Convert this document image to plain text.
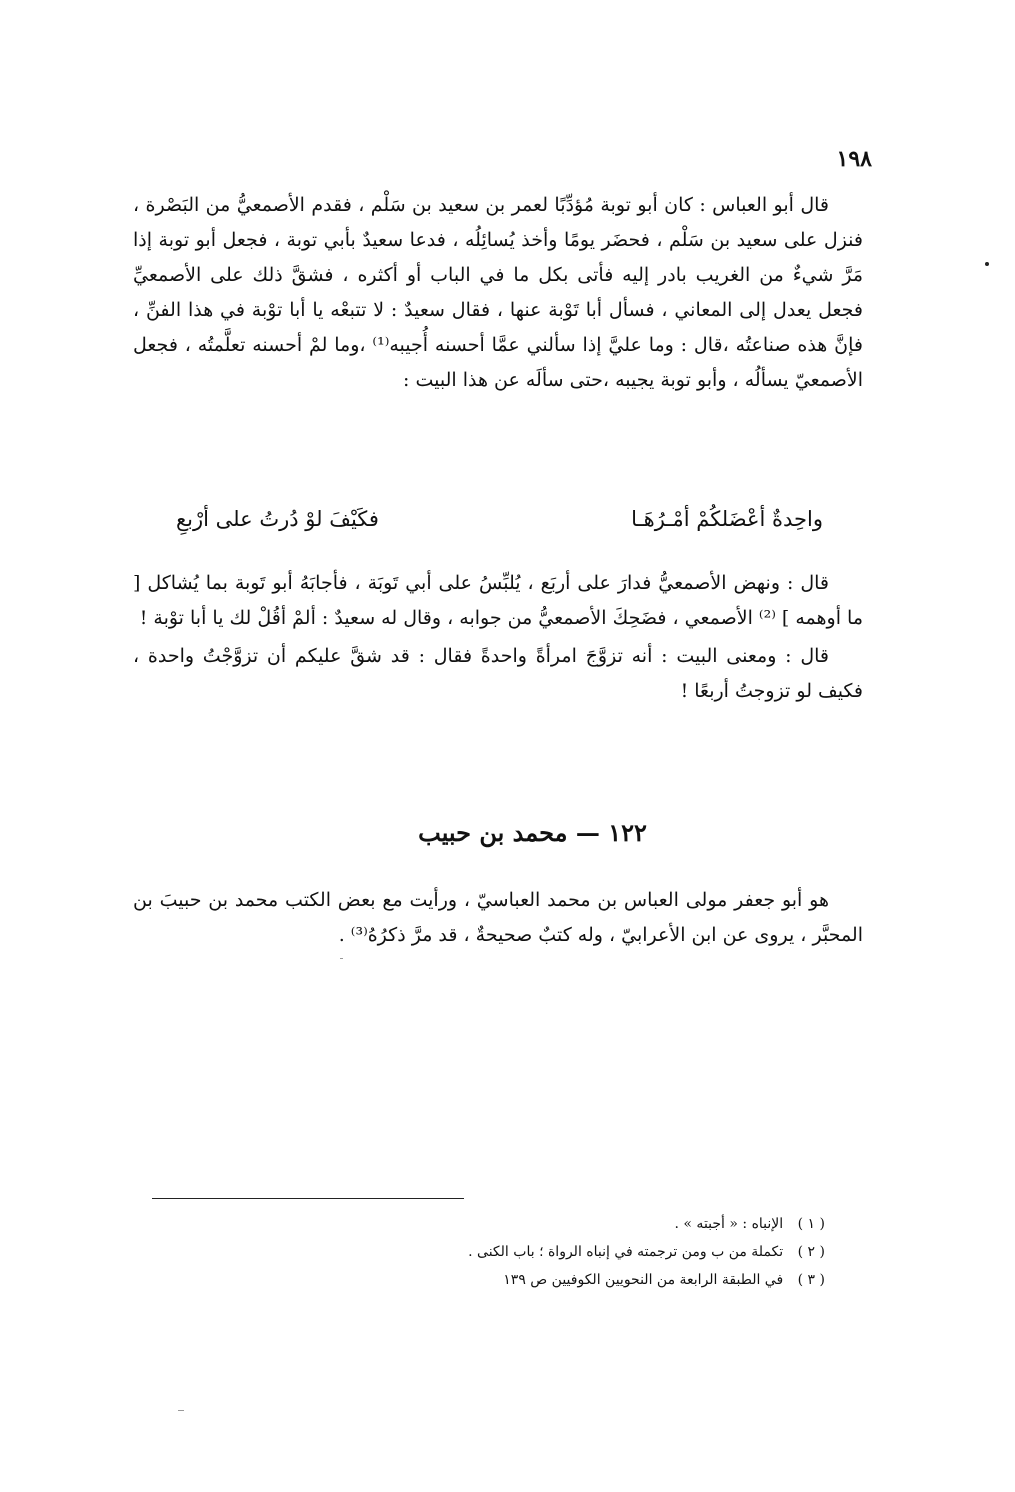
١٩٨

قال أبو العباس : كان أبو توبة مُؤدِّبًا لعمر بن سعيد بن سَلْم ، فقدم الأصمعيُّ من البَصْرة ، فنزل على سعيد بن سَلْم ، فحضَر يومًا وأخذ يُسائِلُه ، فدعا سعيدٌ بأبي توبة ، فجعل أبو توبة إذا مَرَّ شيءٌ من الغريب بادر إليه فأتى بكل ما في الباب أو أكثره ، فشقَّ ذلك على الأصمعيِّ فجعل يعدل إلى المعاني ، فسأل أبا تَوْبة عنها ، فقال سعيدٌ : لا تتبعْه يا أبا توْبة في هذا الفنِّ ، فإنَّ هذه صناعتُه ،قال : وما عليَّ إذا سألني عمَّا أحسنه أُجيبه⁽¹⁾ ،وما لمْ أحسنه تعلَّمتُه ، فجعل الأصمعيّ يسألُه ، وأبو توبة يجيبه ،حتى سألَه عن هذا البيت :

واحِدةٌ أعْضَلكُمْ أمْـرُهَـا
فكَيْفَ لوْ دُرتُ على أرْبعِ

قال : ونهض الأصمعيُّ فدارَ على أربَع ، يُلبِّسُ على أبي تَوبَة ، فأجابَهُ أبو تَوبة بما يُشاكل [ ما أوهمه ] ⁽²⁾ الأصمعي ، فضَحِكَ الأصمعيُّ من جوابه ، وقال له سعيدٌ : ألمْ أقُلْ لك يا أبا توْبة !

قال : ومعنى البيت : أنه تزوَّجَ امرأةً واحدةً فقال : قد شقَّ عليكم أن تزوَّجْتُ واحدة ، فكيف لو تزوجتُ أربعًا !

١٢٢ — محمد بن حبيب

هو أبو جعفر مولى العباس بن محمد العباسيّ ، ورأيت مع بعض الكتب محمد بن حبيبَ بن المحبَّر ، يروى عن ابن الأعرابيّ ، وله كتبٌ صحيحةٌ ، قد مرَّ ذكرُهُ⁽³⁾ .

( ١ ) الإنباه : « أجبته » .

( ٢ ) تكملة من ب ومن ترجمته في إنباه الرواة ؛ باب الكنى .

( ٣ ) في الطبقة الرابعة من النحويين الكوفيين ص ١٣٩
